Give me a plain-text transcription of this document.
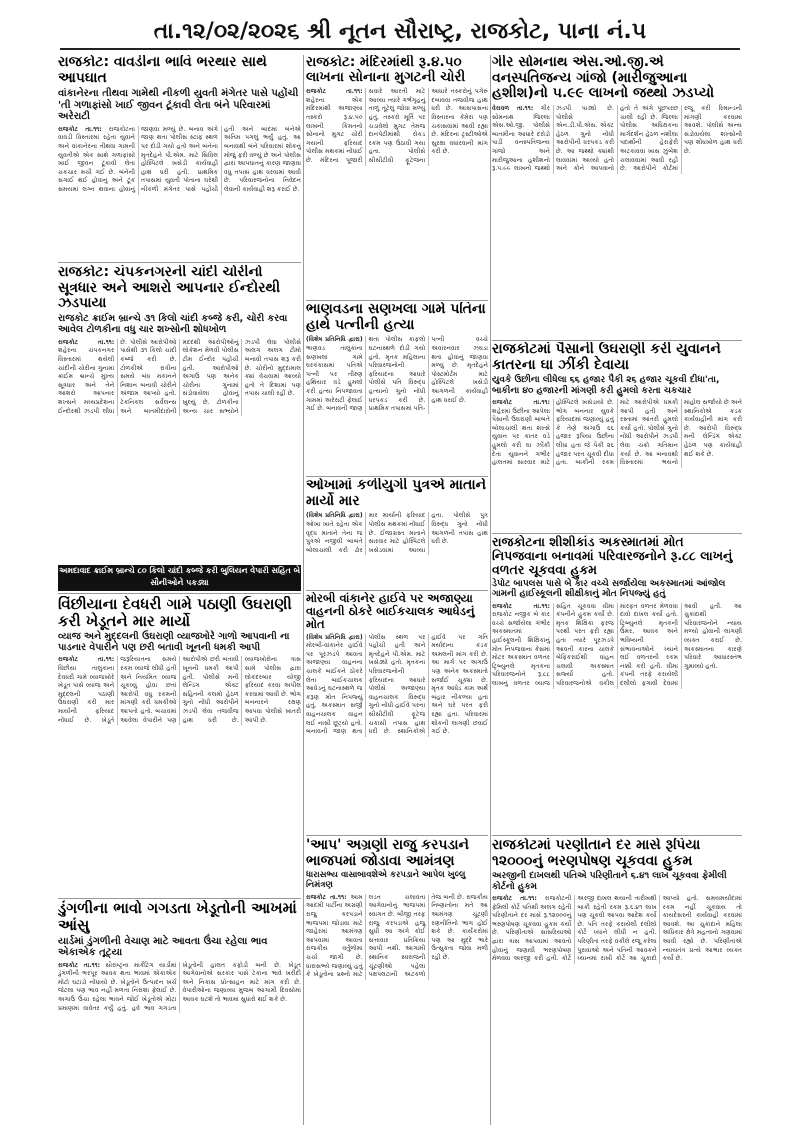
તા.૧૨/૦૨/૨૦૨૬ શ્રી નૂતન સૌરાષ્ટ્ર, રાજકોટ, પાના નં.૫
રાજકોટ: વાવડીના ભાવિ ભરથાર સાથે આપઘાત
વાંકાનેરના તીથવા ગામેથી નીકળી યુવતી મંગેતર પાસે પહોંચી 'તી ગળાફાંસો ખાઈ જીવન ટૂંકાવી લેતા બંને પરિવારમાં અરેરાટી
રાજકોટ તા.૧૧: રાજકોટના વાવડી વિસ્તારમાં રહેતા યુવાને અને વાંકાનેરના તીથવા ગામની યુવતીએ એક સાથે ગળાફાંસો ખાઈ જીવન ટૂંકાવી લેતા ચકચાર મચી ગઈ છે. બંનેની સગાઈ થઈ હોવાનું અને ટૂંક સમયમાં લગ્ન થવાના હોવાનું જાણવા મળ્યું છે. બનાવ અંગે જાણ થતા પોલીસ સ્ટાફ સ્થળ પર દોડી ગયો હતો અને બંનેના મૃતદેહને પી.એમ. માટે સિવિલ હોસ્પિટલે ખસેડી કાર્યવાહી હાથ ધરી હતી. પ્રાથમિક તપાસમાં યુવતી પોતાના ઘરેથી નીકળી મંગેતર પાસે પહોંચી હતી અને બાદમાં બંનેએ અંતિમ પગલું ભર્યું હતું. આ બનાવથી બંને પરિવારમાં શોકનું મોજું ફરી વળ્યું છે અને પોલીસ દ્વારા આપઘાતનું કારણ જાણવા વધુ તપાસ હાથ ધરવામાં આવી છે. પરિવારજનોના નિવેદન લેવાની કાર્યવાહી શરૂ કરાઈ છે.
રાજકોટ: મંદિરમાંથી રૂ.૪.૫૦ લાખના સોનાના મુગટની ચોરી
રાજકોટ તા.૧૧: શહેરના એક મંદિરમાંથી અજાણ્યા તસ્કરો રૂ.૪.૫૦ લાખની કિંમતનો સોનાનો મુગટ ચોરી ગયાની ફરિયાદ પોલીસ મથકમાં નોંધાઈ છે. મંદિરના પૂજારી સવારે આરતી માટે આવ્યા ત્યારે ગર્ભગૃહનું તાળું તૂટેલું જોવા મળ્યું હતું. તસ્કરો મૂર્તિ પર ચડાવેલો મુગટ તેમજ દાનપેટીમાંથી રોકડ રકમ પણ ઉઠાવી ગયા હતા. પોલીસે સીસીટીવી ફૂટેજના આધારે તસ્કરોનું પગેરું દબાવવા તજવીજ હાથ ધરી છે. આસપાસના વિસ્તારના કેમેરા પણ ચકાસવામાં આવી રહ્યા છે. મંદિરના ટ્રસ્ટીઓએ સુરક્ષા વધારવાની માંગ કરી છે.
ગીર સોમનાથ એસ.ઓ.જી.એ વનસ્પતિજન્ય ગાંજો (મારીજુઆના હશીશ)નો ૫.૯૯ લાખનો જથ્થો ઝડપ્યો
વેરાવળ તા.૧૧: ગીર સોમનાથ જિલ્લા એસ.ઓ.જી. પોલીસે બાતમીના આધારે દરોડો પાડી વનસ્પતિજન્ય ગાંજો અને મારીજુઆના હશીશનો રૂ.૫.૯૯ લાખનો જથ્થો ઝડપી પાડ્યો છે. પોલીસે એન.ડી.પી.એસ. એક્ટ હેઠળ ગુનો નોંધી આરોપીની ધરપકડ કરી છે. આ જથ્થો ક્યાંથી લાવવામાં આવ્યો હતો અને કોને આપવાનો હતો તે અંગે પૂછપરછ ચાલી રહી છે. જિલ્લા પોલીસ અધિક્ષકના માર્ગદર્શન હેઠળ નશીલા પદાર્થોની હેરાફેરી અટકાવવા ખાસ ઝુંબેશ ચલાવવામાં આવી રહી છે. આરોપીને કોર્ટમાં રજૂ કરી રિમાન્ડની માંગણી કરવામાં આવશે. પોલીસે અન્ય સંડોવાયેલા શખ્સોની પણ શોધખોળ હાથ ધરી છે.
રાજકોટ: ચંપકનગરની ચાંદી ચોરીનો સૂત્રધાર અને આશરો આપનાર ઈન્દોરથી ઝડપાયા
રાજકોટ ક્રાઈમ બ્રાન્ચે ૩૧ કિલો ચાંદી કબ્જે કરી, ચોરી કરવા આવેલ ટોળકીના વધુ ચાર શખ્સોની શોધખોળ
રાજકોટ તા.૧૧: શહેરના ચંપકનગર વિસ્તારમાં થયેલી ચાંદીની ચોરીના ગુનામાં ક્રાઈમ બ્રાન્ચે મુખ્ય સૂત્રધાર અને તેને આશરો આપનાર શખ્સને મધ્યપ્રદેશના ઈન્દોરથી ઝડપી લીધા છે. પોલીસે આરોપીઓ પાસેથી ૩૧ કિલો ચાંદી કબ્જે કરી છે. ટોળકીએ રાત્રીના સમયે બંધ મકાનને નિશાન બનાવી ચોરીને અંજામ આપ્યો હતો. ટેકનિકલ સર્વેલન્સ અને બાતમીદારોની મદદથી આરોપીઓનું લોકેશન મેળવી પોલીસ ટીમ ઈન્દોર પહોંચી હતી. આરોપીઓ અગાઉ પણ અનેક ચોરીના ગુનામાં સંડોવાયેલા હોવાનું ખુલ્યું છે. ટોળકીના અન્ય ચાર સભ્યોને ઝડપી લેવા પોલીસે અલગ અલગ ટીમો બનાવી તપાસ શરૂ કરી છે. ચોરીનો મુદ્દામાલ ક્યાં વેચવામાં આવ્યો હતો તે દિશામાં પણ તપાસ ચાલી રહી છે.
અમદાવાદ ક્રાઈમ બ્રાન્ચે ૮૦ કિલો ચાંદી કબ્જે કરી બુલિયન વેપારી સહિત બે સૌનીઓને પકડ્યા
ભાણવડના સણખલા ગામે પતિના હાથે પત્નીની હત્યા
(વિશેષ પ્રતિનિધિ દ્વારા) ભાણવડ તાલુકાના સણખલા ગામે ઘરકંકાસમાં પતિએ પત્ની પર તીક્ષ્ણ હથિયાર વડે હુમલો કરી હત્યા નિપજાવતા ગામમાં અરેરાટી ફેલાઈ ગઈ છે. બનાવની જાણ થતા પોલીસ કાફલો ઘટનાસ્થળે દોડી ગયો હતો. મૃતક મહિલાના પરિવારજનોની ફરિયાદના આધારે પોલીસે પતિ વિરુદ્ધ હત્યાનો ગુનો નોંધી ધરપકડ કરી છે. પ્રાથમિક તપાસમાં પતિ-પત્ની વચ્ચે અવારનવાર ઝઘડા થતા હોવાનું જાણવા મળ્યું છે. મૃતદેહને પોસ્ટમોર્ટમ માટે હોસ્પિટલે ખસેડી આગળની કાર્યવાહી હાથ ધરાઈ છે.
રાજકોટમાં પૈસાની ઉઘરાણી કરી યુવાનને કાતરના ઘા ઝીંકી દેવાયા
યુવકે ઉછીના લીધેલા ૬૬ હજાર પૈકી ૨૬ હજાર ચૂકવી દીધા'તા, બાકીના ૪૦ હજારની માંગણી કરી હુમલો કરતા ચકચાર
રાજકોટ તા.૧૧: શહેરમાં ઉછીના આપેલા પૈસાની ઉઘરાણી બાબતે બોલાચાલી થતા શખ્સે યુવાન પર કાતર વડે હુમલો કરી ઘા ઝીંકી દેતા યુવાનને ગંભીર હાલતમાં સારવાર માટે હોસ્પિટલે ખસેડાયો છે. ભોગ બનનાર યુવકે ફરિયાદમાં જણાવ્યું હતું કે તેણે અગાઉ ૬૬ હજાર રૂપિયા ઉછીના લીધા હતા જે પૈકી ૨૬ હજાર પરત ચૂકવી દીધા હતા. બાકીની રકમ માટે આરોપીએ ધમકી આપી હતી અને રસ્તામાં આંતરી હુમલો કર્યો હતો. પોલીસે ગુનો નોંધી આરોપીને ઝડપી લેવા ચક્રો ગતિમાન કર્યા છે. આ બનાવથી વિસ્તારમાં ભયનો માહોલ સર્જાયો છે અને સ્થાનિકોએ કડક કાર્યવાહીની માંગ કરી છે. આરોપી વિરુદ્ધ મની લેન્ડિંગ એક્ટ હેઠળ પણ કાર્યવાહી થઈ શકે છે.
ઓખામાં કળીયુગી પુત્રએ માતાને માર્યો માર
(વિશેષ પ્રતિનિધિ દ્વારા) ઓખા ખાતે રહેતા એક વૃદ્ધ માતાને તેના જ પુત્રએ નજીવી બાબતે બોલાચાલી કરી ઢોર માર માર્યાની ફરિયાદ પોલીસ મથકમાં નોંધાઈ છે. ઈજાગ્રસ્ત માતાને સારવાર માટે હોસ્પિટલે ખસેડવામાં આવ્યા હતા. પોલીસે પુત્ર વિરુદ્ધ ગુનો નોંધી આગળની તપાસ હાથ ધરી છે.	રાજકોટના શીશીકાંડ અકસ્માતમાં મોત નિપજવાના બનાવમાં પરિવારજનોને રૂ.૮૮ લાખનું વળતર ચૂકવવા હુકમ
ડેપોટ બાપલસ પાસે બે કાર વચ્ચે સર્જાયેલા અકસ્માતમાં આંજોલ ગામની હાઈસ્કૂલની શીક્ષીકાનું મોત નિપજ્યું હતું
રાજકોટ તા.૧૧: રાજકોટ નજીક બે કાર વચ્ચે સર્જાયેલા ગંભીર અકસ્માતમાં હાઈસ્કૂલની શિક્ષિકાનું મોત નિપજવાના કેસમાં મોટર અકસ્માત વળતર ટ્રિબ્યુનલે મૃતકના પરિવારજનોને રૂ.૮૮ લાખનું વળતર વ્યાજ સહિત ચૂકવવા વીમા કંપનીને હુકમ કર્યો છે. મૃતક શિક્ષિકા ફરજ પરથી પરત ફરી રહ્યા હતા ત્યારે પૂરઝડપે આવતી કારના ચાલકે બેફિકરાઈથી વાહન ચલાવી અકસ્માત સર્જ્યો હતો. પરિવારજનોએ વકીલ મારફત વળતર મેળવવા દાવો દાખલ કર્યો હતો. ટ્રિબ્યુનલે મૃતકની ઉંમર, આવક અને ભવિષ્યની સંભાવનાઓને ધ્યાને લઈ વળતરની રકમ નક્કી કરી હતી. વીમા કંપની તરફે કરાયેલી દલીલો ફગાવી દેવામાં આવી હતી. આ ચુકાદાથી પરિવારજનોને ન્યાય મળ્યો હોવાની લાગણી વ્યક્ત કરાઈ છે. અકસ્માતના કારણે પરિવારે આધારસ્તંભ ગુમાવ્યો હતો.
મોરબી વાંકાનેર હાઈવે પર અજાણ્યા વાહનની ઠોકરે બાઈકચાલક આધેડનું મોત
(વિશેષ પ્રતિનિધિ દ્વારા) મોરબી-વાંકાનેર હાઈવે પર પૂરઝડપે આવતા અજાણ્યા વાહનના ચાલકે બાઈકને ઠોકરે લેતા બાઈકચાલક આધેડનું ઘટનાસ્થળે જ કરૂણ મોત નિપજ્યું હતું. અકસ્માત સર્જી વાહનચાલક વાહન લઈ નાસી છૂટ્યો હતો. બનાવની જાણ થતા પોલીસ સ્થળ પર પહોંચી હતી અને મૃતદેહને પી.એમ. માટે ખસેડ્યો હતો. મૃતકના પરિવારજનોની ફરિયાદના આધારે પોલીસે અજાણ્યા વાહનચાલક વિરુદ્ધ ગુનો નોંધી હાઈવે પરના સીસીટીવી ફૂટેજ ચકાસી તપાસ હાથ ધરી છે. સ્થાનિકોએ હાઈવે પર ગતિ મર્યાદાના કડક અમલની માંગ કરી છે. આ માર્ગ પર અગાઉ પણ અનેક અકસ્માતો સર્જાઈ ચૂક્યા છે. મૃતક આધેડ કામ અર્થે બહાર નીકળ્યા હતા અને ઘરે પરત ફરી રહ્યા હતા. પરિવારમાં શોકની લાગણી છવાઈ ગઈ છે.
વિંછીયાના દેવધરી ગામે પઠાણી ઉઘરાણી કરી ખેડૂતને માર માર્યો
વ્યાજ અને મુદ્દલની ઉઘરાણી વ્યાજખોરે ગાળો આપવાની ના પાડનાર વેપારીને પણ છરી બતાવી ખૂનની ધમકી આપી
રાજકોટ તા.૧૧: વિંછીયા તાલુકાના દેવધરી ગામે વ્યાજખોરે ખેડૂત પાસે વ્યાજ અને મુદ્દલની પઠાણી ઉઘરાણી કરી માર માર્યાની ફરિયાદ નોંધાઈ છે. ખેડૂતે જરૂરિયાતના સમયે રકમ વ્યાજે લીધી હતી અને નિયમિત વ્યાજ ચૂકવ્યું હોવા છતાં આરોપી વધુ રકમની માંગણી કરી ધમકીઓ આપતો હતો. બચાવમાં આવેલા વેપારીને પણ આરોપીએ છરી બતાવી ખૂનની ધમકી આપી હતી. પોલીસે મની લેન્ડિંગ એક્ટ સહિતની કલમો હેઠળ ગુનો નોંધી આરોપીને ઝડપી લેવા તજવીજ હાથ ધરી છે. વ્યાજખોરોના ત્રાસ સામે પોલીસ દ્વારા લોકદરબાર યોજી ફરિયાદ કરવા અપીલ કરવામાં આવી છે. ભોગ બનનારને રક્ષણ આપવા પોલીસે ખાતરી આપી છે.
ડુંગળીના ભાવો ગગડતા ખેડૂતોની આખમાં આંસુ
યાર્ડમાં ડુંગળીની વેચાણ માટે આવતા ઉંચા રહેલા ભાવ એકાએક તૂટ્યા
રાજકોટ તા.૧૧: સૌરાષ્ટ્રના માર્કેટિંગ યાર્ડોમાં ડુંગળીની ભરપૂર આવક થતા ભાવમાં એકાએક મોટો ઘટાડો નોંધાયો છે. ખેડૂતોને ઉત્પાદન ખર્ચ જેટલા પણ ભાવ નહીં મળતા નિરાશા ફેલાઈ છે. અગાઉ ઉંચા રહેલા ભાવને જોઈ ખેડૂતોએ મોટા પ્રમાણમાં વાવેતર કર્યું હતું. હવે ભાવ ગગડતા ખેડૂતોની હાલત કફોડી બની છે. ખેડૂત આગેવાનોએ સરકાર પાસે ટેકાના ભાવે ખરીદી અને નિકાસ પ્રોત્સાહન માટે માંગ કરી છે. વેપારીઓના જણાવ્યા મુજબ આગામી દિવસોમાં આવક ઘટશે તો ભાવમાં સુધારો થઈ શકે છે.
'આપ' અગ્રણી રાજુ કરપડાને ભાજપમાં જોડાવા આમંત્રણ
ધારાસભ્ય વાસાબાવશેએ કરપડાને આપેલ ખુલ્લુ નિમંત્રણ
રાજકોટ તા.૧૧: આમ આદમી પાર્ટીના અગ્રણી રાજુ કરપડાને ભાજપમાં જોડાવા માટે જાહેરમાં આમંત્રણ આપવામાં આવતા રાજકીય વર્તુળોમાં ચર્ચા જાગી છે. ધારાસભ્યે જણાવ્યું હતું કે ખેડૂતોના પ્રશ્નો માટે લડત ચલાવતા આગેવાનોનું ભાજપમાં સ્વાગત છે. બીજી તરફ રાજુ કરપડાએ હજુ સુધી આ અંગે કોઈ સત્તાવાર પ્રતિક્રિયા આપી નથી. આગામી સ્થાનિક સ્વરાજની ચૂંટણીઓ પહેલા પક્ષપલટાની અટકળો તેજ બની છે. રાજકીય નિષ્ણાતોના મતે આ આમંત્રણ ચૂંટણી રણનીતિનો ભાગ હોઈ શકે છે. કાર્યકરોમાં પણ આ મુદ્દે ભારે ઉત્સુકતા જોવા મળી રહી છે.
રાજકોટમાં પરણીતાને દર માસે રૂપિયા ૧૨૦૦૦નું ભરણપોષણ ચૂકવવા હુકમ
અરજીની દાખલથી પતિએ પરિણીતાને ૬.૪૧ લાખ ચૂકવવા ફેમીલી કોર્ટનો હુકમ
રાજકોટ તા.૧૧: રાજકોટની ફેમિલી કોર્ટે પતિથી અલગ રહેતી પરિણીતાને દર માસે રૂ.૧૨૦૦૦નું ભરણપોષણ ચૂકવવા હુકમ કર્યો છે. પરિણીતાએ સાસરિયાઓ દ્વારા ત્રાસ આપવામાં આવતો હોવાનું જણાવી ભરણપોષણ મેળવવા અરજી કરી હતી. કોર્ટે અરજી દાખલ થયાની તારીખથી બાકી રહેતી રકમ રૂ.૬.૪૧ લાખ પણ ચૂકવી આપવા આદેશ કર્યો છે. પતિ તરફે કરાયેલી દલીલો કોર્ટે ધ્યાને લીધી ન હતી. પરિણીતા તરફે વકીલે રજૂ કરેલા પુરાવાઓ અને પતિની આવકને ધ્યાનમાં રાખી કોર્ટે આ ચુકાદો આપ્યો હતો. સમયમર્યાદામાં રકમ નહીં ચૂકવાય તો કાયદેસરની કાર્યવાહી કરવામાં આવશે. આ ચુકાદાને મહિલા અધિકાર ક્ષેત્રે મહત્વનો ગણવામાં આવી રહ્યો છે. પરિણીતાએ ન્યાયતંત્ર પ્રત્યે આભાર વ્યક્ત કર્યો છે.
